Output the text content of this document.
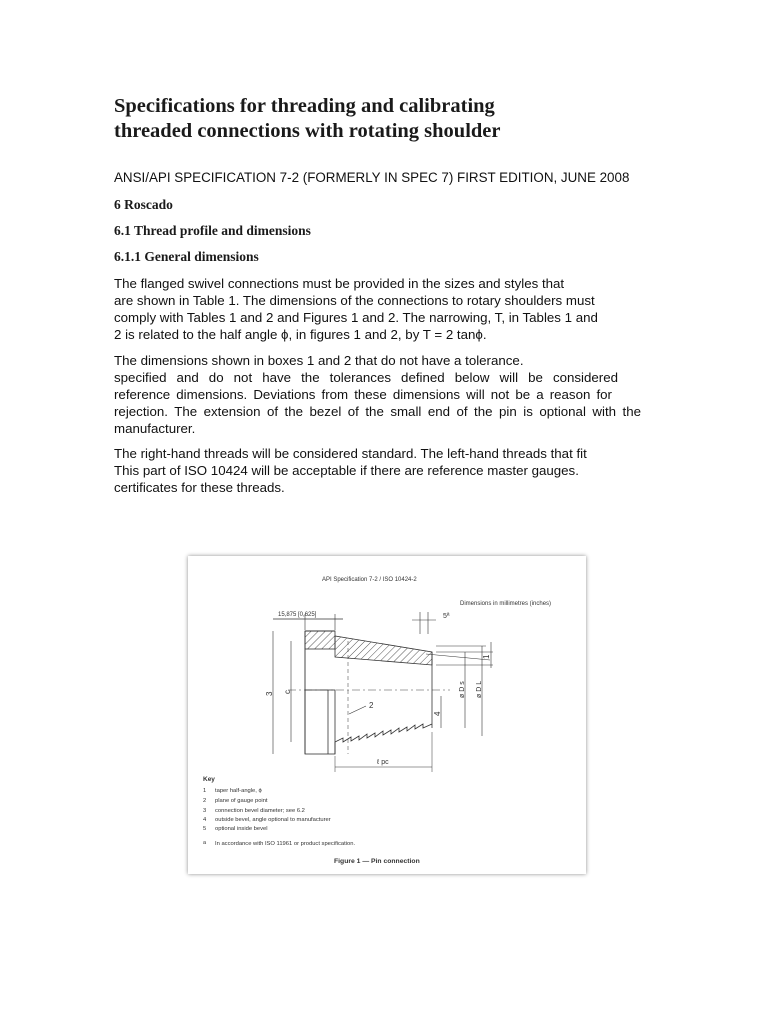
Specifications for threading and calibrating
threaded connections with rotating shoulder
ANSI/API SPECIFICATION 7-2 (FORMERLY IN SPEC 7) FIRST EDITION, JUNE 2008
6 Roscado
6.1 Thread profile and dimensions
6.1.1 General dimensions
The flanged swivel connections must be provided in the sizes and styles that
are shown in Table 1. The dimensions of the connections to rotary shoulders must
comply with Tables 1 and 2 and Figures 1 and 2. The narrowing, T, in Tables 1 and
2 is related to the half angle ϕ, in figures 1 and 2, by T = 2 tanϕ.
The dimensions shown in boxes 1 and 2 that do not have a tolerance.
specified and do not have the tolerances defined below will be considered
reference dimensions. Deviations from these dimensions will not be a reason for
rejection. The extension of the bezel of the small end of the pin is optional with the
manufacturer.
The right-hand threads will be considered standard. The left-hand threads that fit
This part of ISO 10424 will be acceptable if there are reference master gauges.
certificates for these threads.
API Specification 7-2 / ISO 10424-2
Dimensions in millimetres (inches)
15,875 [0,625]	5ª
3 c	ø D s ø D L
1
4
2
ℓ pc
Key
1 taper half-angle, ϕ
2 plane of gauge point
3 connection bevel diameter; see 6.2
4 outside bevel, angle optional to manufacturer
5 optional inside bevel
a In accordance with ISO 11961 or product specification.
Figure 1 — Pin connection
